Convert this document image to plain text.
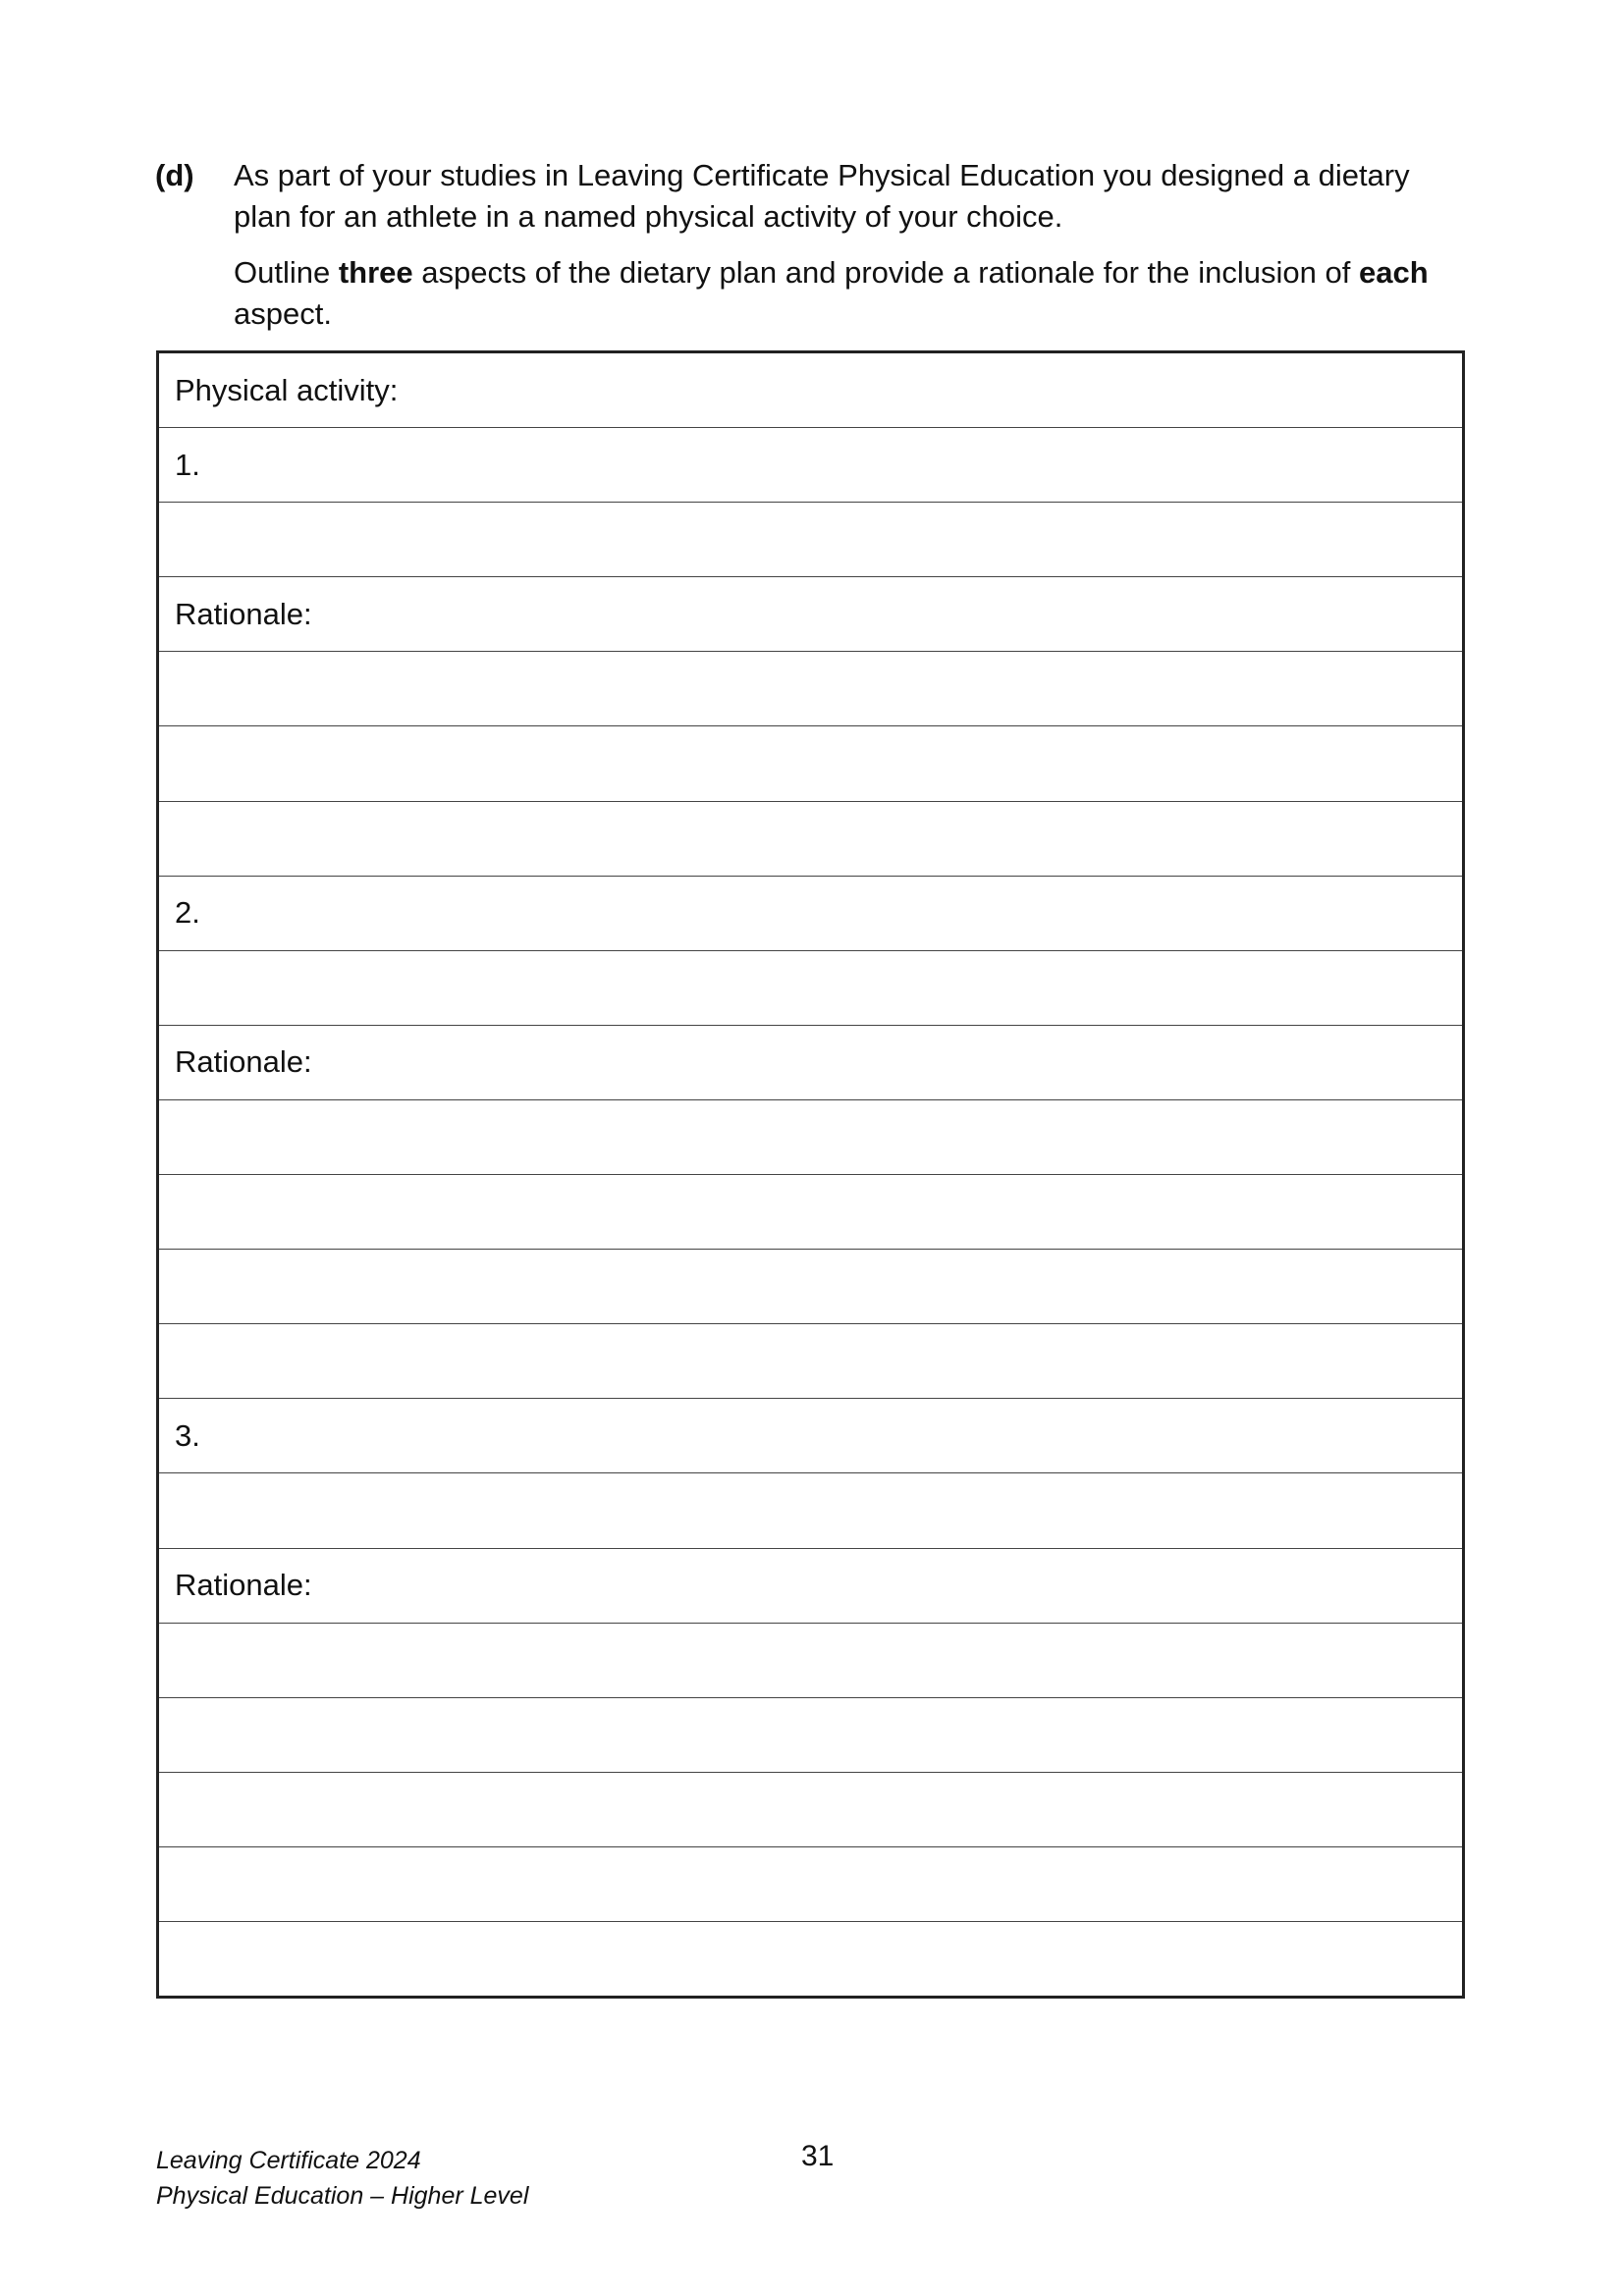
(d) As part of your studies in Leaving Certificate Physical Education you designed a dietary plan for an athlete in a named physical activity of your choice.

Outline three aspects of the dietary plan and provide a rationale for the inclusion of each aspect.

Physical activity:
1.
Rationale:
2.
Rationale:
3.
Rationale:
Leaving Certificate 2024
Physical Education – Higher Level
31
